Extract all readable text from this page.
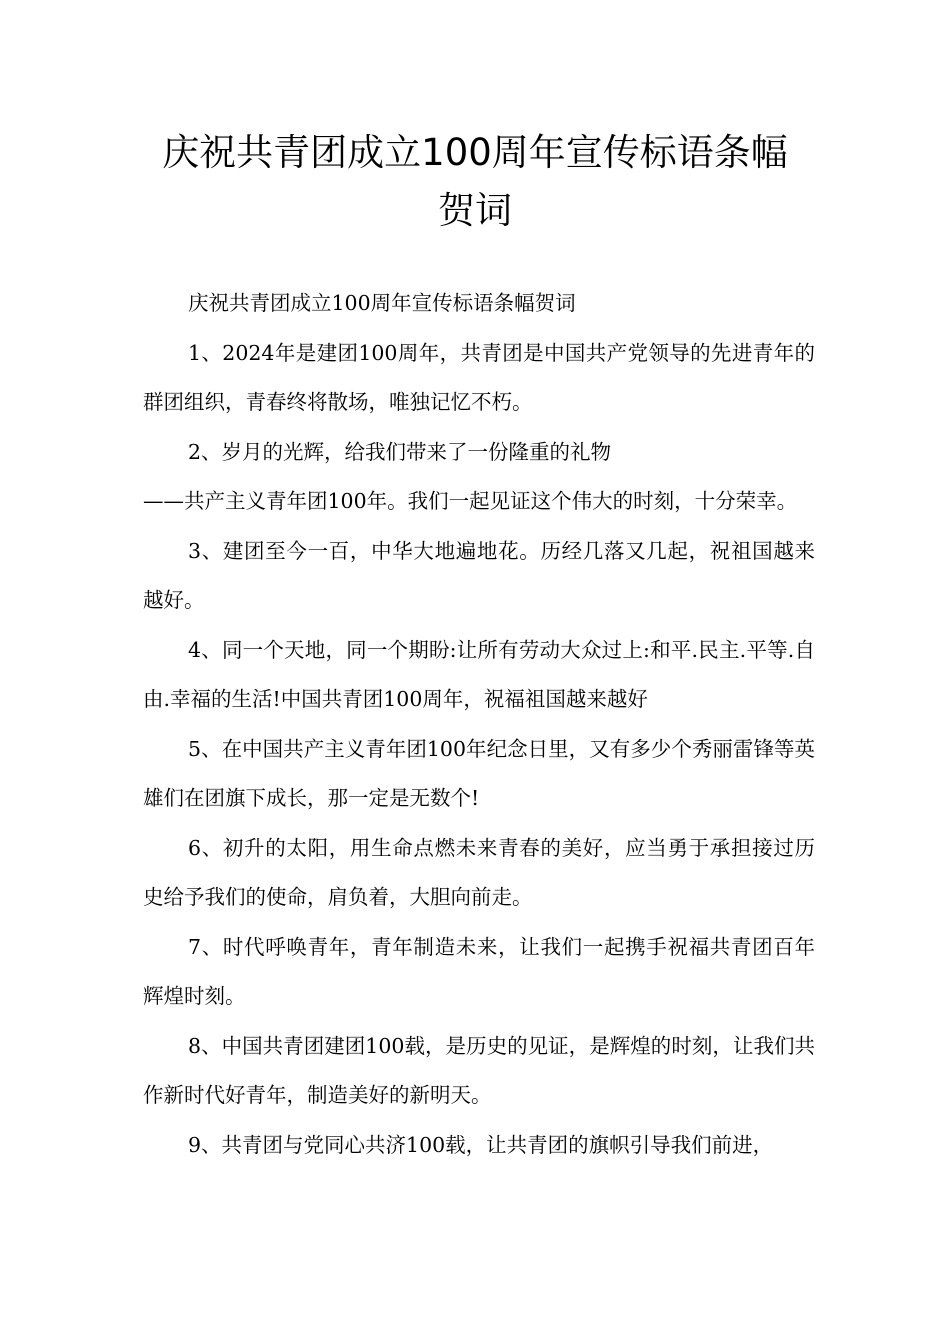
庆祝共青团成立100周年宣传标语条幅
贺词

庆祝共青团成立100周年宣传标语条幅贺词

1、2024年是建团100周年，共青团是中国共产党领导的先进青年的群团组织，青春终将散场，唯独记忆不朽。

2、岁月的光辉，给我们带来了一份隆重的礼物

——共产主义青年团100年。我们一起见证这个伟大的时刻，十分荣幸。

3、建团至今一百，中华大地遍地花。历经几落又几起，祝祖国越来越好。

4、同一个天地，同一个期盼:让所有劳动大众过上:和平.民主.平等.自由.幸福的生活!中国共青团100周年，祝福祖国越来越好

5、在中国共产主义青年团100年纪念日里，又有多少个秀丽雷锋等英雄们在团旗下成长，那一定是无数个!

6、初升的太阳，用生命点燃未来青春的美好，应当勇于承担接过历史给予我们的使命，肩负着，大胆向前走。

7、时代呼唤青年，青年制造未来，让我们一起携手祝福共青团百年辉煌时刻。

8、中国共青团建团100载，是历史的见证，是辉煌的时刻，让我们共作新时代好青年，制造美好的新明天。

9、共青团与党同心共济100载，让共青团的旗帜引导我们前进，
